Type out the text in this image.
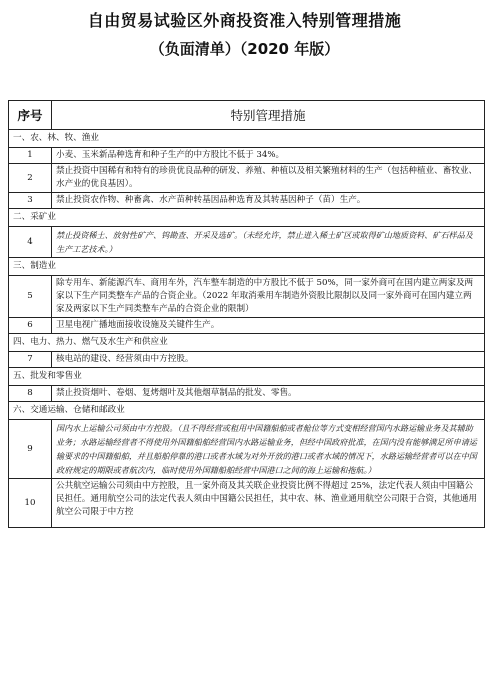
自由贸易试验区外商投资准入特别管理措施
（负面清单）（2020 年版）
序号	特别管理措施
一、农、林、牧、渔业	
1	小麦、玉米新品种选育和种子生产的中方股比不低于 34%。
2	禁止投资中国稀有和特有的珍贵优良品种的研发、养殖、种植以及相关繁殖材料的生产（包括种植业、畜牧业、水产业的优良基因）。
3	禁止投资农作物、种畜禽、水产苗种转基因品种选育及其转基因种子（苗）生产。
二、采矿业	
4	禁止投资稀土、放射性矿产、钨勘查、开采及选矿。（未经允许，禁止进入稀土矿区或取得矿山地质资料、矿石样品及生产工艺技术。）
三、制造业	
5	除专用车、新能源汽车、商用车外，汽车整车制造的中方股比不低于 50%，同一家外商可在国内建立两家及两家以下生产同类整车产品的合资企业。（2022 年取消乘用车制造外资股比限制以及同一家外商可在国内建立两家及两家以下生产同类整车产品的合资企业的限制）
6	卫星电视广播地面接收设施及关键件生产。
四、电力、热力、燃气及水生产和供应业	
7	核电站的建设、经营须由中方控股。
五、批发和零售业	
8	禁止投资烟叶、卷烟、复烤烟叶及其他烟草制品的批发、零售。
六、交通运输、仓储和邮政业	
9	国内水上运输公司须由中方控股。（且不得经营或租用中国籍船舶或者舱位等方式变相经营国内水路运输业务及其辅助业务；水路运输经营者不得使用外国籍船舶经营国内水路运输业务，但经中国政府批准，在国内没有能够满足所申请运输要求的中国籍船舶，并且船舶停靠的港口或者水域为对外开放的港口或者水域的情况下，水路运输经营者可以在中国政府规定的期限或者航次内，临时使用外国籍船舶经营中国港口之间的海上运输和拖航。）
10	公共航空运输公司须由中方控股，且一家外商及其关联企业投资比例不得超过 25%，法定代表人须由中国籍公民担任。通用航空公司的法定代表人须由中国籍公民担任，其中农、林、渔业通用航空公司限于合资，其他通用航空公司限于中方控
